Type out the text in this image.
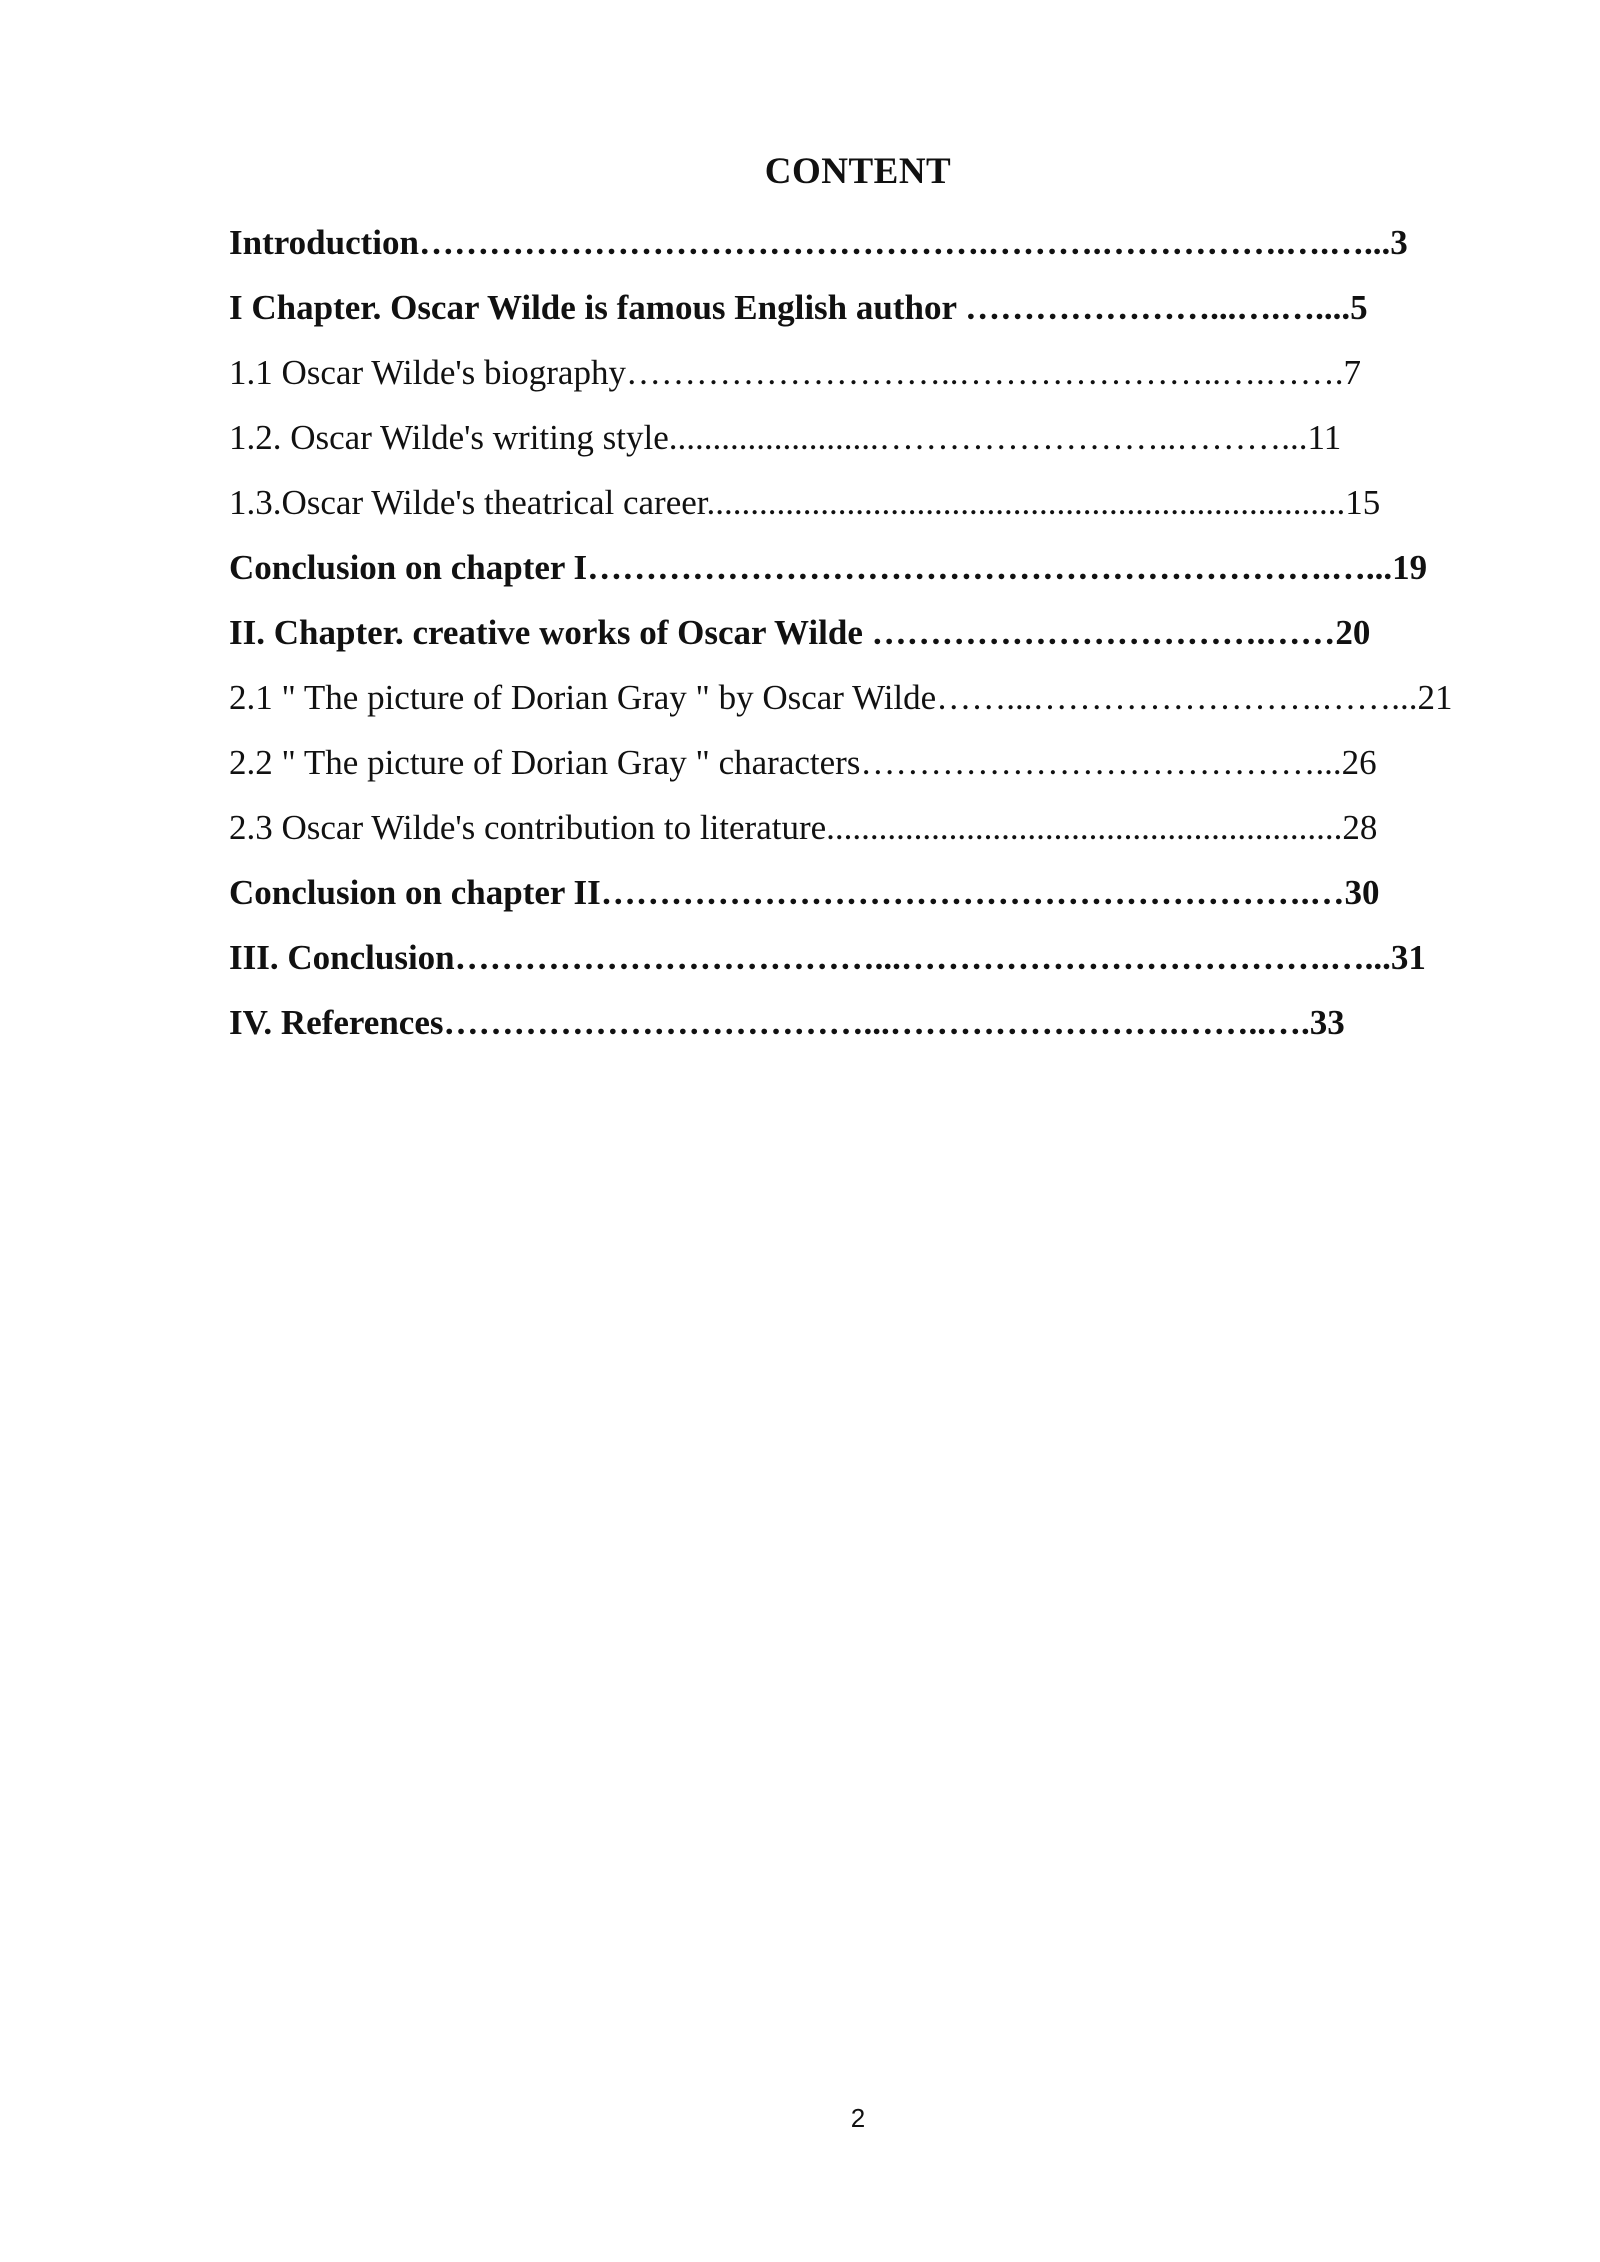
CONTENT
Introduction………………………………………….……….…………….….…...3
I Chapter. Oscar Wilde is famous English author …………………...….…....5
1.1 Oscar Wilde's biography………………………..…………………..….…….7
1.2. Oscar Wilde's writing style........................……………………..………...11
1.3.Oscar Wilde's theatrical career.........................................................................15
Conclusion on chapter I……………………………………………………….…...19
II. Chapter. creative works of Oscar Wilde …………………………….……20
2.1 " The picture of Dorian Gray " by Oscar Wilde……...…………………….……...21
2.2 " The picture of Dorian Gray " characters…………………………………...26
2.3 Oscar Wilde's contribution to literature...........................................................28
Conclusion on chapter II…………………………………………………….…30
III. Conclusion………………………………...……………………………….…...31
IV. References………………………………...…………………….……..….33
2
